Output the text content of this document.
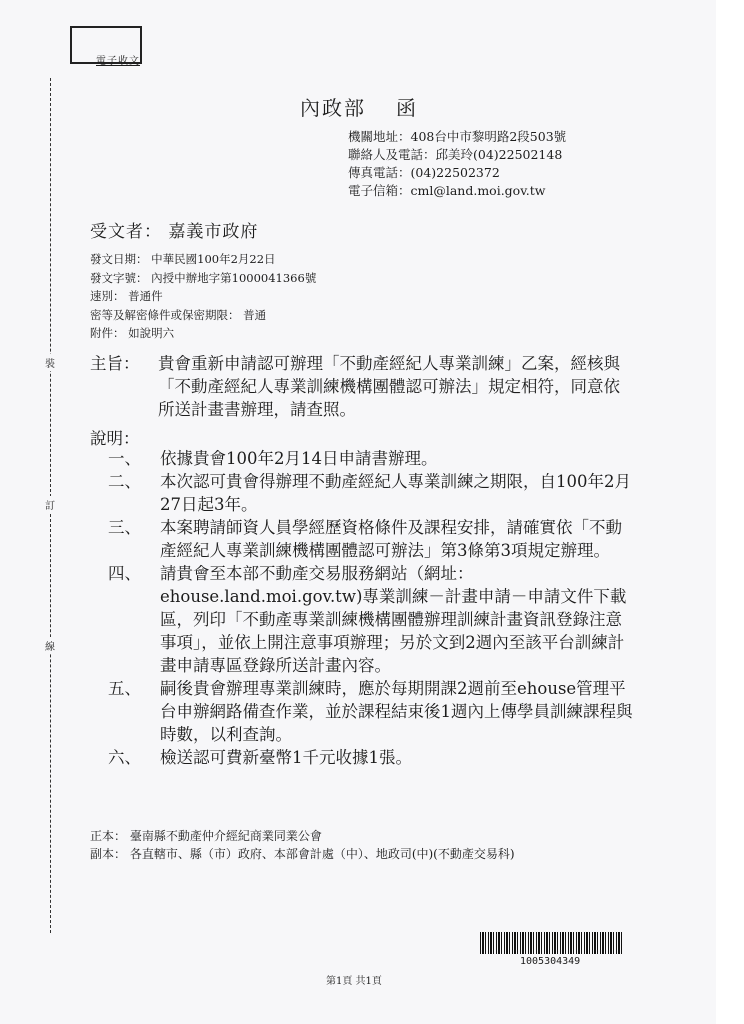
電子收文
裝
訂
線
內政部 函
機關地址：408台中市黎明路2段503號
聯絡人及電話：邱美玲(04)22502148
傳真電話：(04)22502372
電子信箱：cml@land.moi.gov.tw
受文者： 嘉義市政府
發文日期： 中華民國100年2月22日
發文字號： 內授中辦地字第1000041366號
速別： 普通件
密等及解密條件或保密期限： 普通
附件： 如說明六
主旨： 貴會重新申請認可辦理「不動產經紀人專業訓練」乙案，經核與「不動產經紀人專業訓練機構團體認可辦法」規定相符，同意依所送計畫書辦理，請查照。
說明：
一、	依據貴會100年2月14日申請書辦理。
二、	本次認可貴會得辦理不動產經紀人專業訓練之期限，自100年2月27日起3年。
三、	本案聘請師資人員學經歷資格條件及課程安排，請確實依「不動產經紀人專業訓練機構團體認可辦法」第3條第3項規定辦理。
四、	請貴會至本部不動產交易服務網站（網址：ehouse.land.moi.gov.tw)專業訓練－計畫申請－申請文件下載區，列印「不動產專業訓練機構團體辦理訓練計畫資訊登錄注意事項」，並依上開注意事項辦理；另於文到2週內至該平台訓練計畫申請專區登錄所送計畫內容。
五、	嗣後貴會辦理專業訓練時，應於每期開課2週前至ehouse管理平台申辦網路備查作業，並於課程結束後1週內上傳學員訓練課程與時數，以利查詢。
六、	檢送認可費新臺幣1千元收據1張。
正本： 臺南縣不動產仲介經紀商業同業公會
副本： 各直轄市、縣（市）政府、本部會計處（中）、地政司(中)(不動產交易科)
1005304349
第1頁 共1頁
